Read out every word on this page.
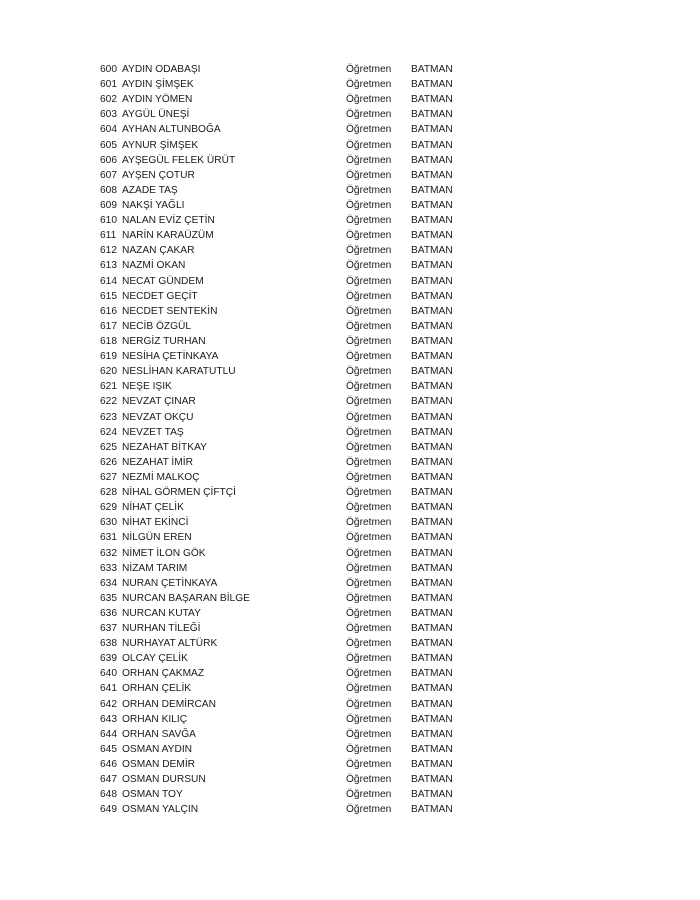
600 AYDIN ODABAŞI	Öğretmen BATMAN
601 AYDIN ŞİMŞEK	Öğretmen BATMAN
602 AYDIN YÖMEN	Öğretmen BATMAN
603 AYGÜL ÜNEŞİ	Öğretmen BATMAN
604 AYHAN ALTUNBOĞA	Öğretmen BATMAN
605 AYNUR ŞİMŞEK	Öğretmen BATMAN
606 AYŞEGÜL FELEK ÜRÜT	Öğretmen BATMAN
607 AYŞEN ÇOTUR	Öğretmen BATMAN
608 AZADE TAŞ	Öğretmen BATMAN
609 NAKŞİ YAĞLI	Öğretmen BATMAN
610 NALAN EVİZ ÇETİN	Öğretmen BATMAN
611 NARİN KARAÜZÜM	Öğretmen BATMAN
612 NAZAN ÇAKAR	Öğretmen BATMAN
613 NAZMİ OKAN	Öğretmen BATMAN
614 NECAT GÜNDEM	Öğretmen BATMAN
615 NECDET GEÇİT	Öğretmen BATMAN
616 NECDET SENTEKİN	Öğretmen BATMAN
617 NECİB ÖZGÜL	Öğretmen BATMAN
618 NERGİZ TURHAN	Öğretmen BATMAN
619 NESİHA ÇETİNKAYA	Öğretmen BATMAN
620 NESLİHAN KARATUTLU	Öğretmen BATMAN
621 NEŞE IŞIK	Öğretmen BATMAN
622 NEVZAT ÇINAR	Öğretmen BATMAN
623 NEVZAT OKÇU	Öğretmen BATMAN
624 NEVZET TAŞ	Öğretmen BATMAN
625 NEZAHAT BİTKAY	Öğretmen BATMAN
626 NEZAHAT İMİR	Öğretmen BATMAN
627 NEZMİ MALKOÇ	Öğretmen BATMAN
628 NİHAL GÖRMEN ÇİFTÇİ	Öğretmen BATMAN
629 NİHAT ÇELİK	Öğretmen BATMAN
630 NİHAT EKİNCİ	Öğretmen BATMAN
631 NİLGÜN EREN	Öğretmen BATMAN
632 NİMET İLON GÖK	Öğretmen BATMAN
633 NİZAM TARIM	Öğretmen BATMAN
634 NURAN ÇETİNKAYA	Öğretmen BATMAN
635 NURCAN BAŞARAN BİLGE	Öğretmen BATMAN
636 NURCAN KUTAY	Öğretmen BATMAN
637 NURHAN TİLEĞİ	Öğretmen BATMAN
638 NURHAYAT ALTÜRK	Öğretmen BATMAN
639 OLCAY ÇELİK	Öğretmen BATMAN
640 ORHAN ÇAKMAZ	Öğretmen BATMAN
641 ORHAN ÇELİK	Öğretmen BATMAN
642 ORHAN DEMİRCAN	Öğretmen BATMAN
643 ORHAN KILIÇ	Öğretmen BATMAN
644 ORHAN SAVĞA	Öğretmen BATMAN
645 OSMAN AYDIN	Öğretmen BATMAN
646 OSMAN DEMİR	Öğretmen BATMAN
647 OSMAN DURSUN	Öğretmen BATMAN
648 OSMAN TOY	Öğretmen BATMAN
649 OSMAN YALÇIN	Öğretmen BATMAN
